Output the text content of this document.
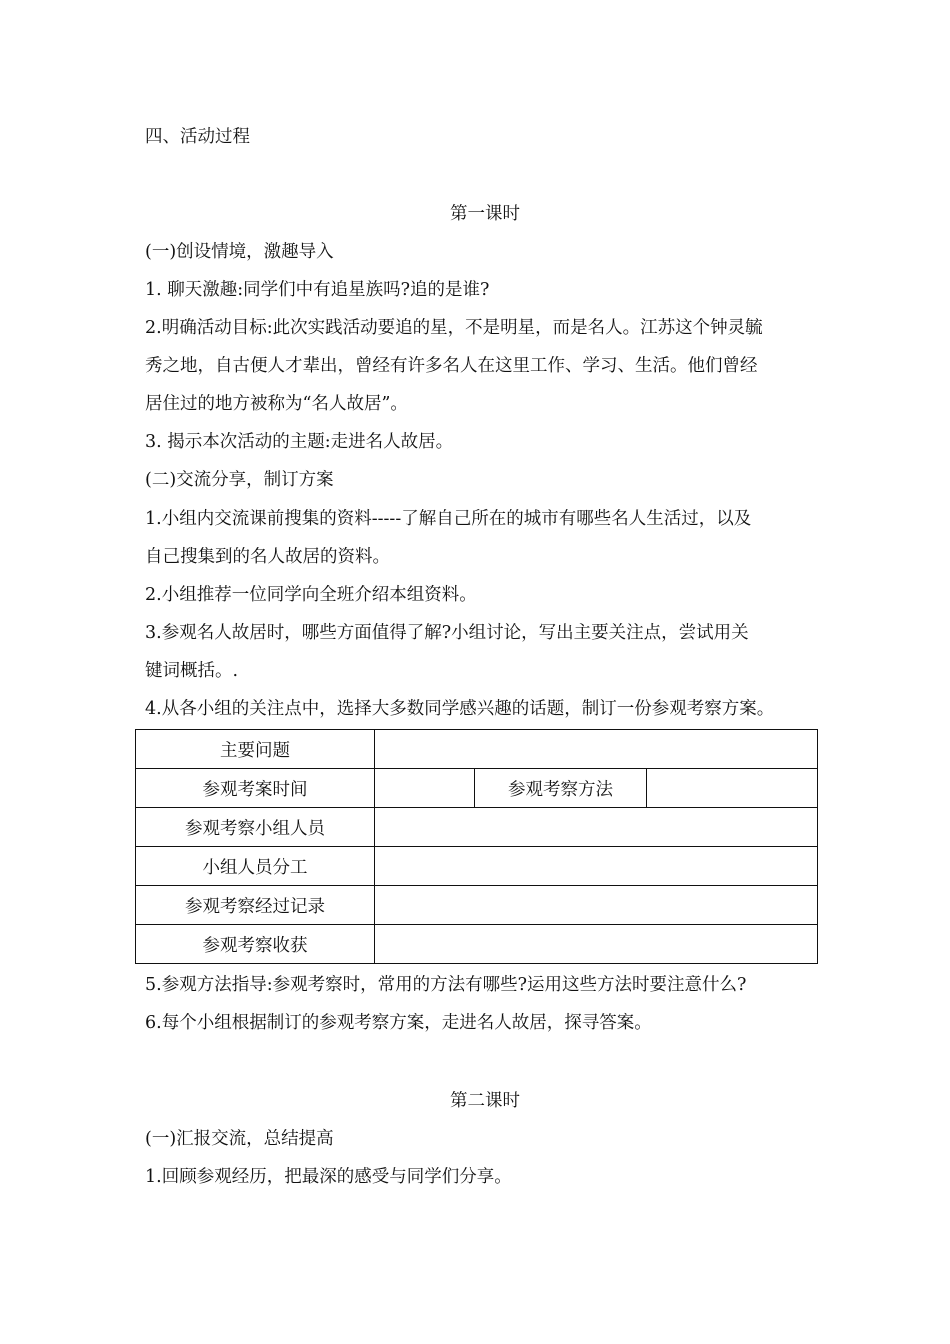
四、活动过程

第一课时

(一)创设情境，激趣导入

1. 聊天激趣:同学们中有追星族吗?追的是谁?

2.明确活动目标:此次实践活动要追的星，不是明星，而是名人。江苏这个钟灵毓

秀之地，自古便人才辈出，曾经有许多名人在这里工作、学习、生活。他们曾经

居住过的地方被称为“名人故居”。

3. 揭示本次活动的主题:走进名人故居。

(二)交流分享，制订方案

1.小组内交流课前搜集的资料-----了解自己所在的城市有哪些名人生活过，以及

自己搜集到的名人故居的资料。

2.小组推荐一位同学向全班介绍本组资料。

3.参观名人故居时，哪些方面值得了解?小组讨论，写出主要关注点，尝试用关

键词概括。.

4.从各小组的关注点中，选择大多数同学感兴趣的话题，制订一份参观考察方案。

主要问题			
参观考案时间		参观考察方法	
参观考察小组人员			
小组人员分工			
参观考察经过记录			
参观考察收获			

5.参观方法指导:参观考察时，常用的方法有哪些?运用这些方法时要注意什么?

6.每个小组根据制订的参观考察方案，走进名人故居，探寻答案。

第二课时

(一)汇报交流，总结提高

1.回顾参观经历，把最深的感受与同学们分享。
